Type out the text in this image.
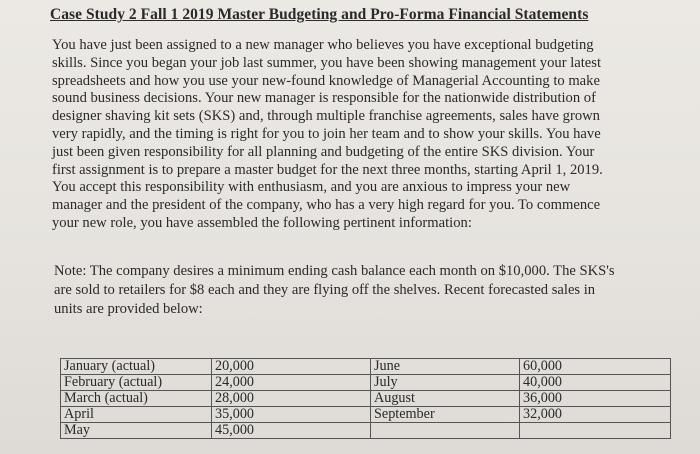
Case Study 2 Fall 1 2019 Master Budgeting and Pro-Forma Financial Statements
You have just been assigned to a new manager who believes you have exceptional budgeting
skills. Since you began your job last summer, you have been showing management your latest
spreadsheets and how you use your new-found knowledge of Managerial Accounting to make
sound business decisions. Your new manager is responsible for the nationwide distribution of
designer shaving kit sets (SKS) and, through multiple franchise agreements, sales have grown
very rapidly, and the timing is right for you to join her team and to show your skills. You have
just been given responsibility for all planning and budgeting of the entire SKS division. Your
first assignment is to prepare a master budget for the next three months, starting April 1, 2019.
You accept this responsibility with enthusiasm, and you are anxious to impress your new
manager and the president of the company, who has a very high regard for you. To commence
your new role, you have assembled the following pertinent information:
Note: The company desires a minimum ending cash balance each month on $10,000. The SKS's
are sold to retailers for $8 each and they are flying off the shelves. Recent forecasted sales in
units are provided below:
January (actual)	20,000	June	60,000
February (actual)	24,000	July	40,000
March (actual)	28,000	August	36,000
April	35,000	September	32,000
May	45,000		
